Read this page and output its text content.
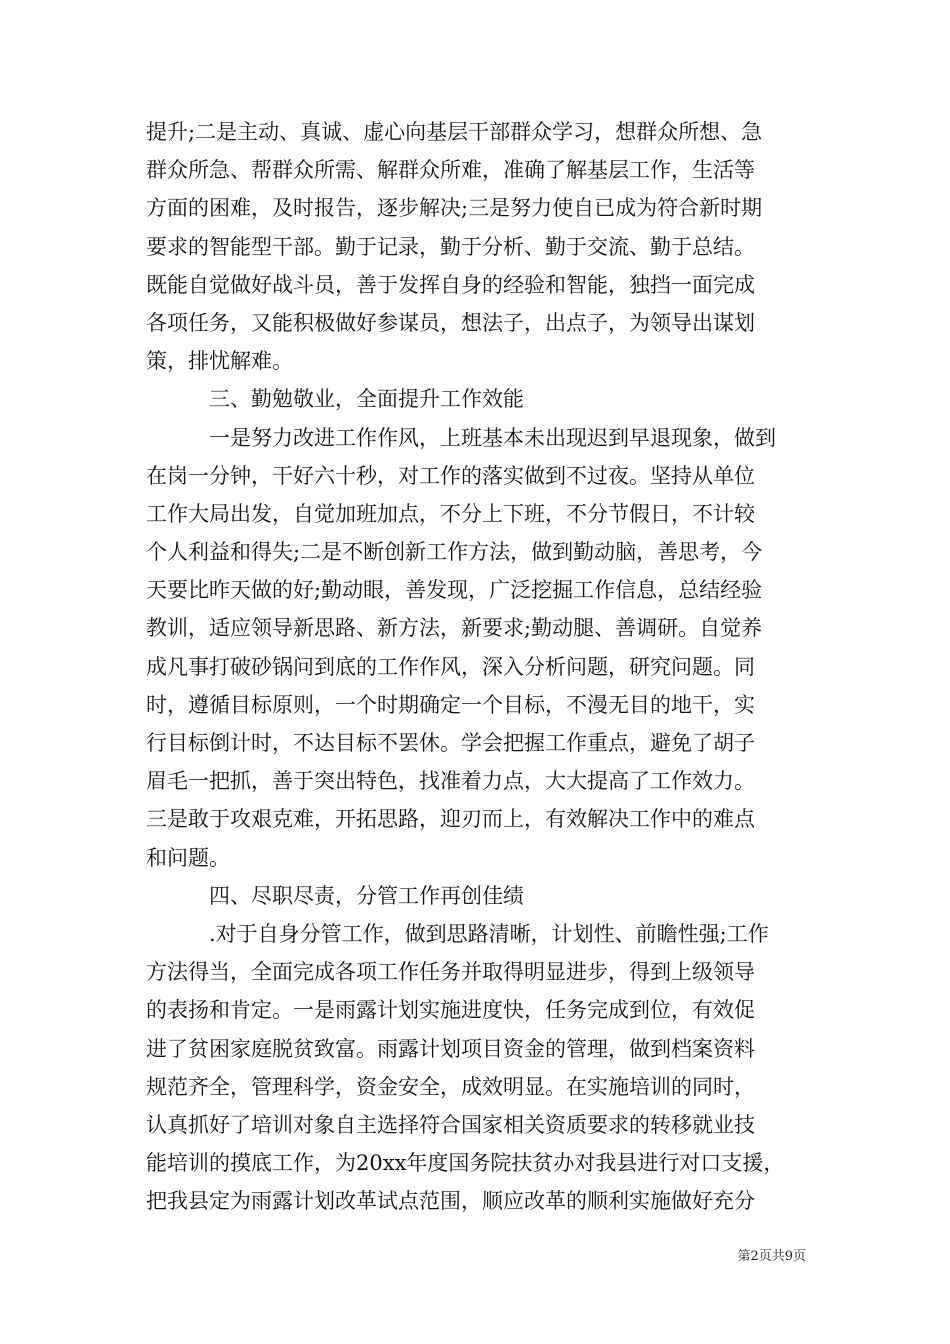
提升;二是主动、真诚、虚心向基层干部群众学习，想群众所想、急
群众所急、帮群众所需、解群众所难，准确了解基层工作，生活等
方面的困难，及时报告，逐步解决;三是努力使自已成为符合新时期
要求的智能型干部。勤于记录，勤于分析、勤于交流、勤于总结。
既能自觉做好战斗员，善于发挥自身的经验和智能，独挡一面完成
各项任务，又能积极做好参谋员，想法子，出点子，为领导出谋划
策，排忧解难。
　　　三、勤勉敬业，全面提升工作效能
　　　一是努力改进工作作风，上班基本未出现迟到早退现象，做到
在岗一分钟，干好六十秒，对工作的落实做到不过夜。坚持从单位
工作大局出发，自觉加班加点，不分上下班，不分节假日，不计较
个人利益和得失;二是不断创新工作方法，做到勤动脑，善思考，今
天要比昨天做的好;勤动眼，善发现，广泛挖掘工作信息，总结经验
教训，适应领导新思路、新方法，新要求;勤动腿、善调研。自觉养
成凡事打破砂锅问到底的工作作风，深入分析问题，研究问题。同
时，遵循目标原则，一个时期确定一个目标，不漫无目的地干，实
行目标倒计时，不达目标不罢休。学会把握工作重点，避免了胡子
眉毛一把抓，善于突出特色，找准着力点，大大提高了工作效力。
三是敢于攻艰克难，开拓思路，迎刃而上，有效解决工作中的难点
和问题。
　　　四、尽职尽责，分管工作再创佳绩
　　　.对于自身分管工作，做到思路清晰，计划性、前瞻性强;工作
方法得当，全面完成各项工作任务并取得明显进步，得到上级领导
的表扬和肯定。一是雨露计划实施进度快，任务完成到位，有效促
进了贫困家庭脱贫致富。雨露计划项目资金的管理，做到档案资料
规范齐全，管理科学，资金安全，成效明显。在实施培训的同时，
认真抓好了培训对象自主选择符合国家相关资质要求的转移就业技
能培训的摸底工作，为20xx年度国务院扶贫办对我县进行对口支援，
把我县定为雨露计划改革试点范围，顺应改革的顺利实施做好充分
第2页共9页
